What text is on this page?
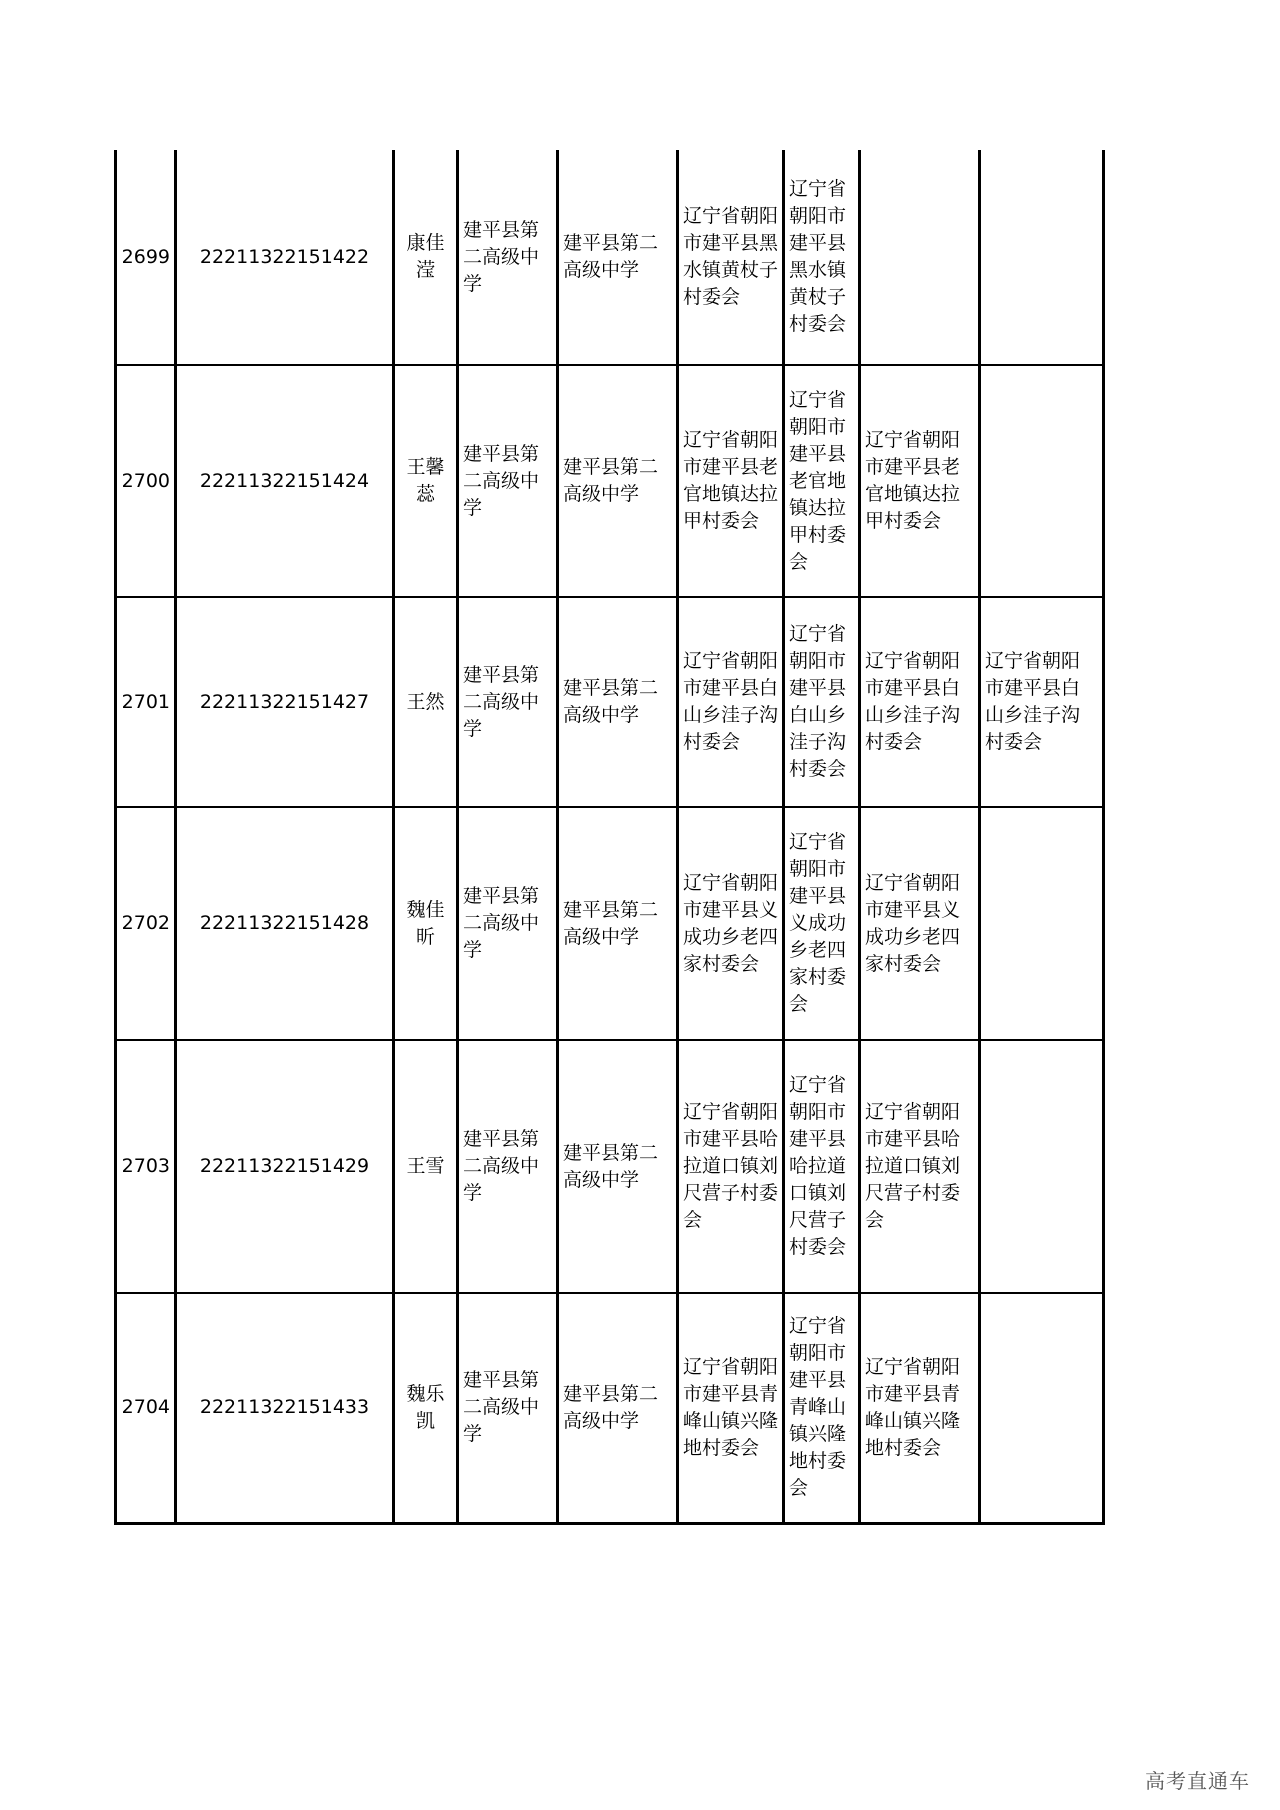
2699	22211322151422	康佳滢	建平县第二高级中学	建平县第二高级中学	辽宁省朝阳市建平县黑水镇黄杖子村委会	辽宁省朝阳市建平县黑水镇黄杖子村委会		
2700	22211322151424	王馨蕊	建平县第二高级中学	建平县第二高级中学	辽宁省朝阳市建平县老官地镇达拉甲村委会	辽宁省朝阳市建平县老官地镇达拉甲村委会	辽宁省朝阳市建平县老官地镇达拉甲村委会	
2701	22211322151427	王然	建平县第二高级中学	建平县第二高级中学	辽宁省朝阳市建平县白山乡洼子沟村委会	辽宁省朝阳市建平县白山乡洼子沟村委会	辽宁省朝阳市建平县白山乡洼子沟村委会	辽宁省朝阳市建平县白山乡洼子沟村委会
2702	22211322151428	魏佳昕	建平县第二高级中学	建平县第二高级中学	辽宁省朝阳市建平县义成功乡老四家村委会	辽宁省朝阳市建平县义成功乡老四家村委会	辽宁省朝阳市建平县义成功乡老四家村委会	
2703	22211322151429	王雪	建平县第二高级中学	建平县第二高级中学	辽宁省朝阳市建平县哈拉道口镇刘尺营子村委会	辽宁省朝阳市建平县哈拉道口镇刘尺营子村委会	辽宁省朝阳市建平县哈拉道口镇刘尺营子村委会	
2704	22211322151433	魏乐凯	建平县第二高级中学	建平县第二高级中学	辽宁省朝阳市建平县青峰山镇兴隆地村委会	辽宁省朝阳市建平县青峰山镇兴隆地村委会	辽宁省朝阳市建平县青峰山镇兴隆地村委会	
高考直通车
